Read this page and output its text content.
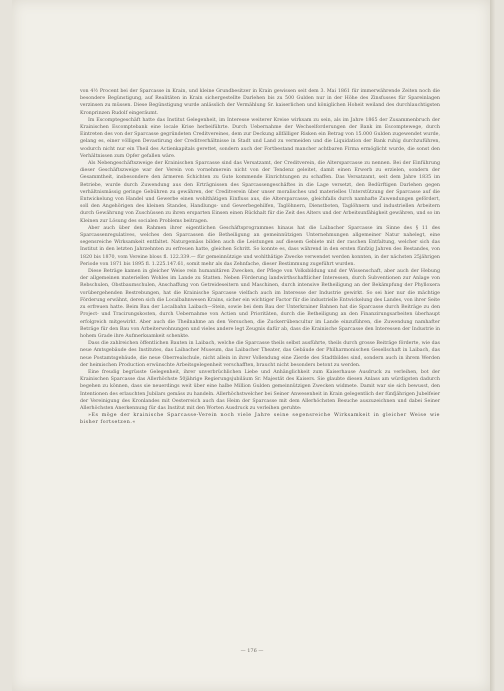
von 4½ Procent bei der Sparcasse in Krain, und kleine Grundbesitzer in Krain gewissen seit dem 3. Mai 1861 für immerwährende Zeiten noch die besondere Begünstigung, auf Realitäten in Krain sichergestellte Darlehen bis zu 500 Gulden nur in der Höhe des Zinsfusses für Spareinlagen verzinsen zu müssen. Diese Begünstigung wurde anlässlich der Vermählung Sr. kaiserlichen und königlichen Hoheit weiland des durchlauchtigsten Kronprinzen Rudolf eingeräumt.

Im Escomptegeschäft hatte das Institut Gelegenheit, im Interesse weiterer Kreise wirksam zu sein, als im Jahre 1865 der Zusammenbruch der Krainischen Escomptebank eine locale Krise herbeiführte. Durch Uebernahme der Wechselforderungen der Bank im Escomptewege, durch Eintreten des von der Sparcasse gegründeten Creditvereines, dem zur Deckung allfälliger Risken ein Betrag von 15.000 Gulden zugewendet wurde, gelang es, einer völligen Devastirung der Creditverhältnisse in Stadt und Land zu vermeiden und die Liquidation der Bank ruhig durchzuführen, wodurch nicht nur ein Theil des Actienkapitals gerettet, sondern auch der Fortbestand mancher achtbaren Firma ermöglicht wurde, die sonst den Verhältnissen zum Opfer gefallen wäre.

Als Nebengeschäftszweige der Krainischen Sparcasse sind das Versatzamt, der Creditverein, die Altersparcasse zu nennen. Bei der Einführung dieser Geschäftszweige war der Verein von vornehmerein nicht von der Tendenz geleitet, damit einen Erwerb zu erzielen, sondern der Gesammtheit, insbesondere den ärmeren Schichten zu Gute kommende Einrichtungen zu schaffen. Das Versatzamt, seit dem Jahre 1835 im Betriebe, wurde durch Zuwendung aus den Erträgnissen des Sparcassengeschäftes in die Lage versetzt, den Bedürftigen Darlehen gegen verhältnismässig geringe Gebühren zu gewähren, der Creditverein über unser moralisches und materielles Unterstützung der Sparcasse auf die Entwickelung von Handel und Gewerbe einen wohlthätigen Einfluss aus, die Altersparcasse, gleichfalls durch namhafte Zuwendungen gefördert, soll den Angehörigen des kleinen Standes, Handlungs- und Gewerbegehilfen, Taglöhnern, Dienstboten, Taglöhnern und industriellen Arbeitern durch Gewährung von Zuschüssen zu ihren ersparten Einsen einen Rückhalt für die Zeit des Alters und der Arbeitsunfähigkeit gewähren, und so im Kleinen zur Lösung des socialen Problems beitragen.

Aber auch über den Rahmen ihrer eigentlichen Geschäftsprogrammes hinaus hat die Laibacher Sparcasse im Sinne des § 11 des Sparcassenregulatives, welches den Sparcassen die Betheiligung an gemeinnützigen Unternehmungen allgemeiner Natur nahelegt, eine segensreiche Wirksamkeit entfaltet. Naturgemäss bilden auch die Leistungen auf diesem Gebiete mit der raschen Entfaltung, welcher sich das Institut in den letzten Jahrzehnten zu erfreuen hatte, gleichen Schritt. So konnte es, dass während in den ersten fünfzig Jahren des Bestandes, von 1820 bis 1870, vom Vereine bloss fl. 122.339.— für gemeinnützige und wohlthätige Zwecke verwendet werden konnten, in der nächsten 25jährigen Periode von 1871 bis 1895 fl. 1.225.147.61, somit mehr als das Zehnfache, dieser Bestimmung zugeführt wurden.

Diese Beträge kamen in gleicher Weise rein humanitären Zwecken, der Pflege von Volksbildung und der Wissenschaft, aber auch der Hebung der allgemeinen materiellen Wohles im Lande zu Statten. Neben Förderung landwirthschaftlicher Interessen, durch Subventionen zur Anlage von Rebschulen, Obstbaumschulen, Anschaffung von Getreideseitern und Maschinen, durch intensive Betheiligung an der Bekämpfung der Phylloxera vorübergehenden Bestrebungen, hat die Krainische Sparcasse vielfach auch im Interesse der Industrie gewirkt. So sei hier nur die mächtige Förderung erwähnt, deren sich die Localbahnwesen Krains, sicher ein wichtiger Factor für die industrielle Entwickelung des Landes, von ihrer Seite zu erfreuen hatte. Beim Bau der Localbahn Laibach—Stein, sowie bei dem Bau der Unterkrainer Bahnen hat die Sparcasse durch Beiträge zu den Project- und Tracirungskosten, durch Uebernahme von Actien und Prioritäten, durch die Betheiligung an den Finanzirungsarbeiten überhaupt erfolgreich mitgewirkt. Aber auch die Theilnahme an den Versuchen, die Zuckerrübencultur im Lande einzuführen, die Zuwendung namhafter Beträge für den Bau von Arbeiterwohnungen und vieles andere legt Zeugnis dafür ab, dass die Krainische Sparcasse den Interessen der Industrie in hohem Grade ihre Aufmerksamkeit schenkte.

Dass die zahlreichen öffentlichen Bauten in Laibach, welche die Sparcasse theils selbst ausführte, theils durch grosse Beiträge förderte, wie das neue Amtsgebäude des Institutes, das Laibacher Museum, das Laibacher Theater, das Gebäude der Philharmonischen Gesellschaft in Laibach, das neue Postamtsgebäude, die neue Oberrealschule, nicht allein in ihrer Vollendung eine Zierde des Stadtbildes sind, sondern auch in ihrem Werden der heimischen Production erwünschte Arbeitsgelegenheit verschafften, braucht nicht besonders betont zu werden.

Eine freudig begrüsste Gelegenheit, ihrer unverbrüchlichen Liebe und Anhänglichkeit zum Kaiserhause Ausdruck zu verleihen, bot der Krainischen Sparcasse das Allerhöchste 50jährige Regierungsjubiläum Sr. Majestät des Kaisers. Sie glaubte diesen Anlass am würdigsten dadurch begehen zu können, dass sie neuerdings weit über eine halbe Million Gulden gemeinnützigen Zwecken widmete. Damit war sie sich bewusst, den Intentionen des erlauchten Jubilars gemäss zu handeln. Allerhöchstwelcher bei Seiner Anwesenheit in Krain gelegentlich der fünfjährigen Jubelfeier der Vereinigung des Kronlandes mit Oesterreich auch das Heim der Sparcasse mit dem Allerhöchsten Besuche auszuzeichnen und dabei Seiner Allerhöchsten Anerkennung für das Institut mit den Worten Ausdruck zu verleihen geruhte:

»Es möge der krainische Sparcasse-Verein noch viele Jahre seine segensreiche Wirksamkeit in gleicher Weise wie bisher fortsetzen.«

— 176 —
